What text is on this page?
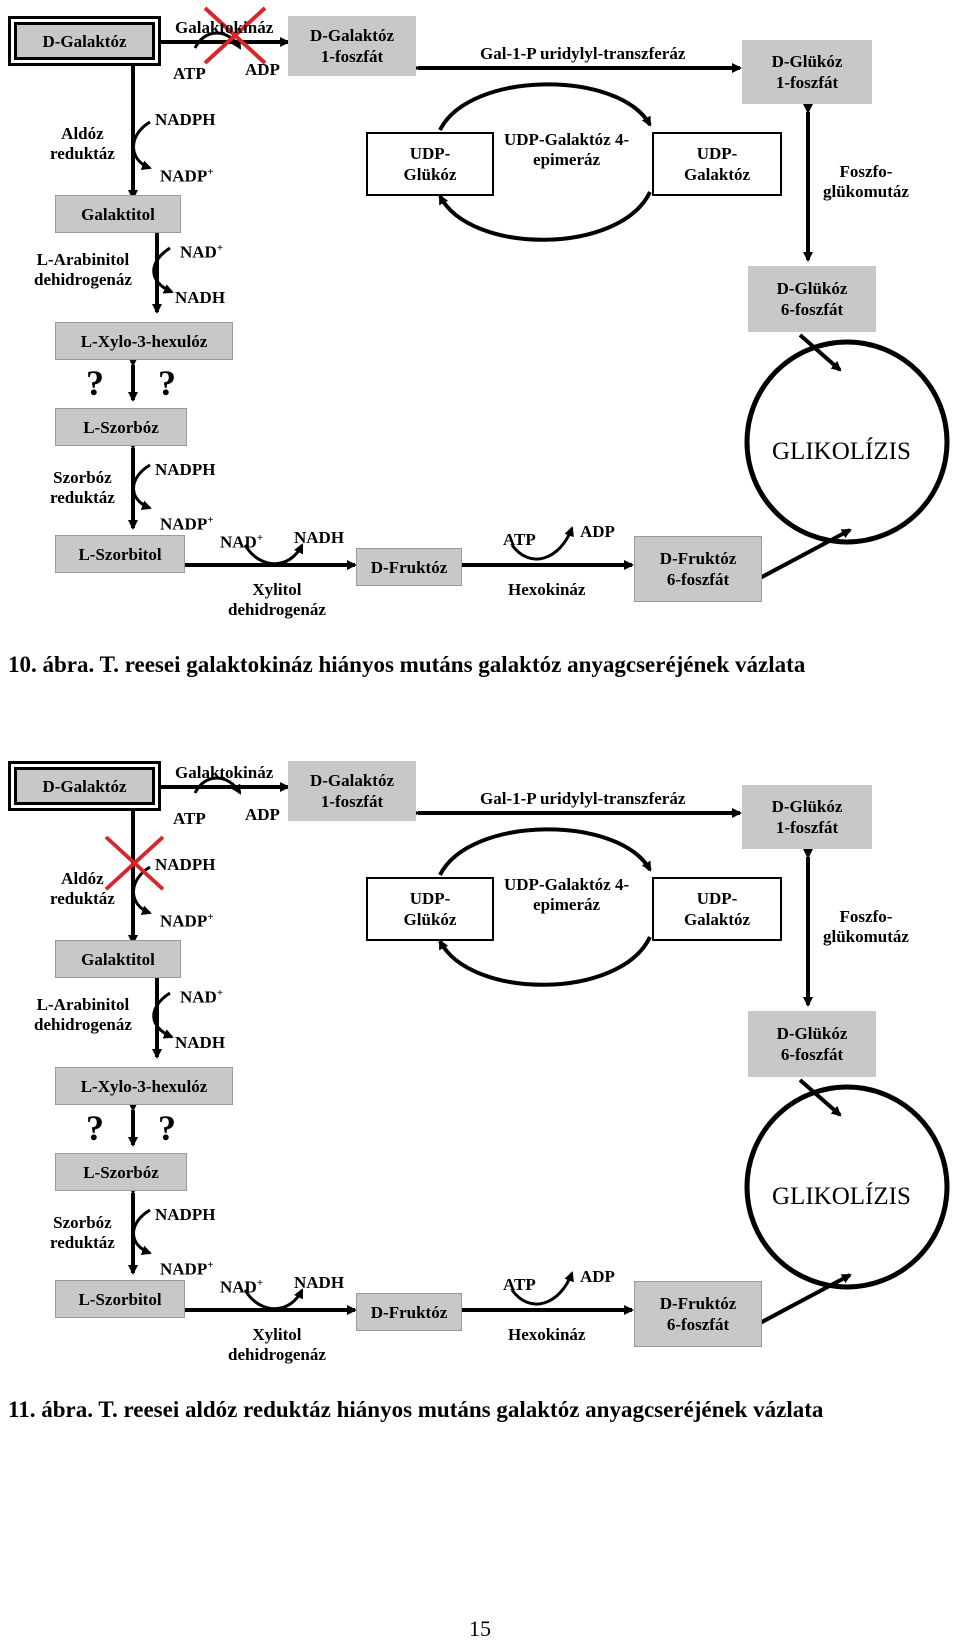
D-Galaktóz	D-Galaktóz
1-foszfát	D-Glükóz
1-foszfát
UDP-
Glükóz
UDP-
Galaktóz
Galaktitol
D-Glükóz
6-foszfát
L-Xylo-3-hexulóz
L-Szorbóz
L-Szorbitol
D-Fruktóz	D-Fruktóz
6-foszfát
Galaktokináz
ATP ADP
Gal-1-P uridylyl-transzferáz
Aldóz
reduktáz
NADPH
NADP+
UDP-Galaktóz 4-
epimeráz
Foszfo-
glükomutáz
L-Arabinitol
dehidrogenáz
NAD+
NADH
? ?
GLIKOLÍZIS
Szorbóz
reduktáz
NADPH
NADP+
NAD+ NADH
Xylitol
dehidrogenáz
ATP	ADP
Hexokináz
10. ábra. T. reesei galaktokináz hiányos mutáns galaktóz anyagcseréjének vázlata
D-Galaktóz	D-Galaktóz
1-foszfát	D-Glükóz
1-foszfát
UDP-
Glükóz
UDP-
Galaktóz
Galaktitol
D-Glükóz
6-foszfát
L-Xylo-3-hexulóz
L-Szorbóz
L-Szorbitol
D-Fruktóz	D-Fruktóz
6-foszfát
Galaktokináz
ATP ADP
Gal-1-P uridylyl-transzferáz
Aldóz
reduktáz
NADPH
NADP+
UDP-Galaktóz 4-
epimeráz
Foszfo-
glükomutáz
L-Arabinitol
dehidrogenáz
NAD+
NADH
? ?
GLIKOLÍZIS
Szorbóz
reduktáz
NADPH
NADP+
NAD+ NADH
Xylitol
dehidrogenáz
ATP	ADP
Hexokináz
11. ábra. T. reesei aldóz reduktáz hiányos mutáns galaktóz anyagcseréjének vázlata
15
